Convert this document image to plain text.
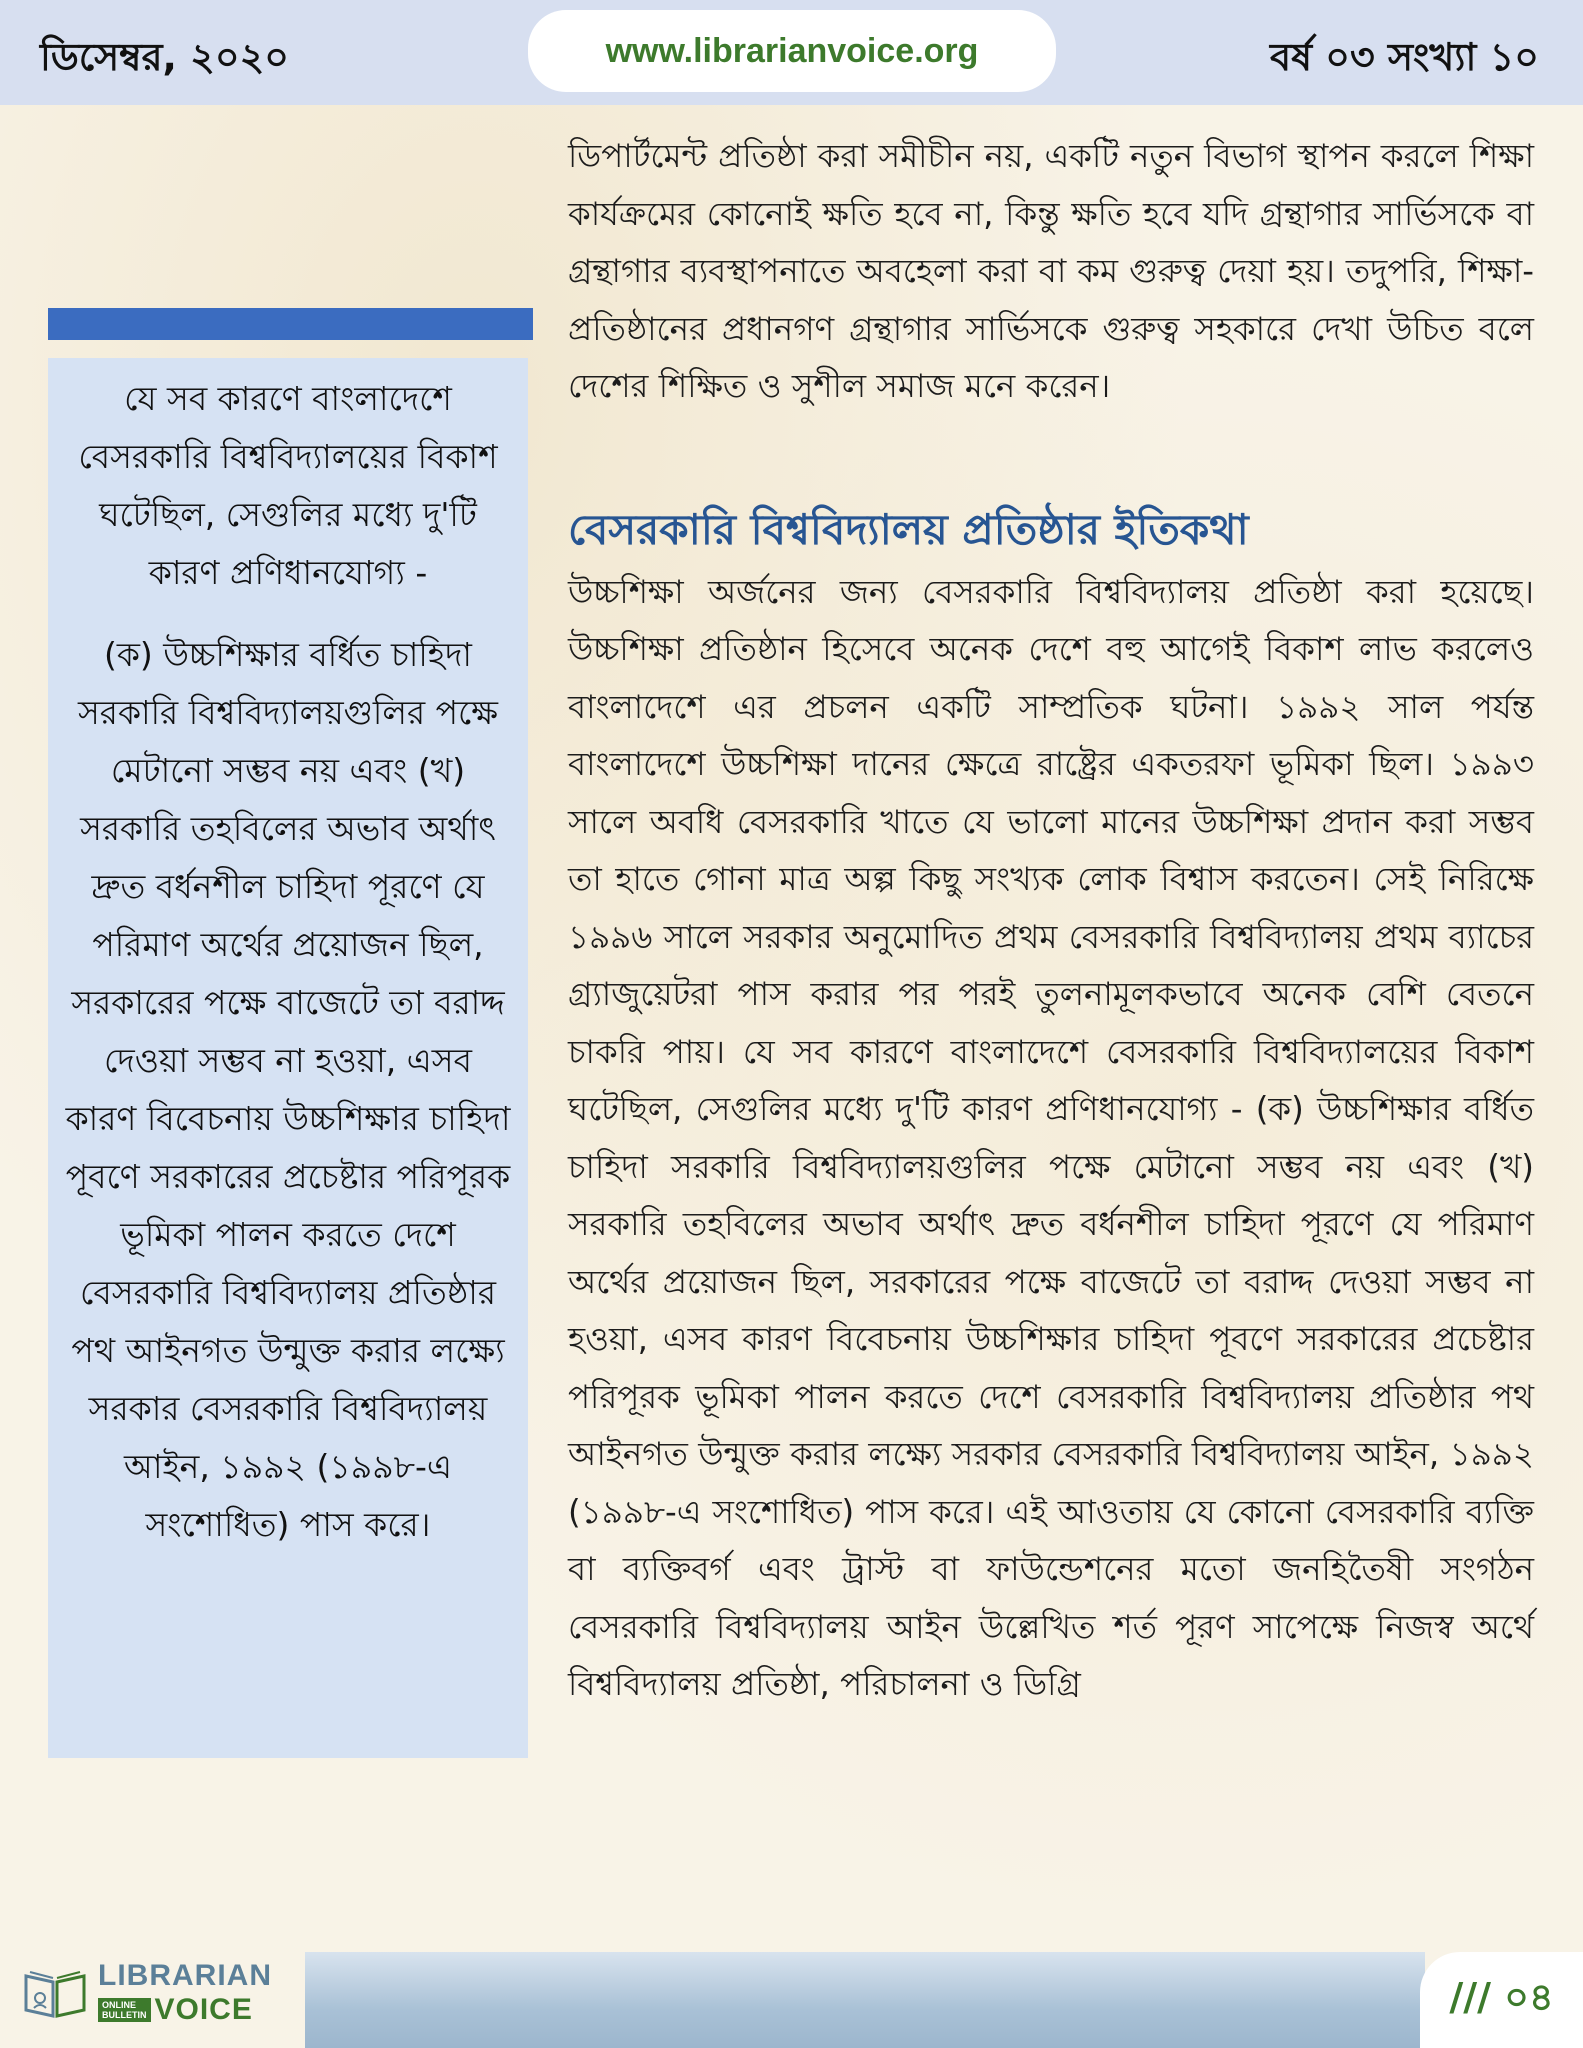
ডিসেম্বর, ২০২০	www.librarianvoice.org	বর্ষ ০৩ সংখ্যা ১০

যে সব কারণে বাংলাদেশে বেসরকারি বিশ্ববিদ্যালয়ের বিকাশ ঘটেছিল, সেগুলির মধ্যে দু'টি কারণ প্রণিধানযোগ্য -

(ক) উচ্চশিক্ষার বর্ধিত চাহিদা সরকারি বিশ্ববিদ্যালয়গুলির পক্ষে মেটানো সম্ভব নয় এবং (খ) সরকারি তহবিলের অভাব অর্থাৎ দ্রুত বর্ধনশীল চাহিদা পূরণে যে পরিমাণ অর্থের প্রয়োজন ছিল, সরকারের পক্ষে বাজেটে তা বরাদ্দ দেওয়া সম্ভব না হওয়া, এসব কারণ বিবেচনায় উচ্চশিক্ষার চাহিদা পূবণে সরকারের প্রচেষ্টার পরিপূরক ভূমিকা পালন করতে দেশে বেসরকারি বিশ্ববিদ্যালয় প্রতিষ্ঠার পথ আইনগত উন্মুক্ত করার লক্ষ্যে সরকার বেসরকারি বিশ্ববিদ্যালয় আইন, ১৯৯২ (১৯৯৮-এ সংশোধিত) পাস করে।

ডিপার্টমেন্ট প্রতিষ্ঠা করা সমীচীন নয়, একটি নতুন বিভাগ স্থাপন করলে শিক্ষা কার্যক্রমের কোনোই ক্ষতি হবে না, কিন্তু ক্ষতি হবে যদি গ্রন্থাগার সার্ভিসকে বা গ্রন্থাগার ব্যবস্থাপনাতে অবহেলা করা বা কম গুরুত্ব দেয়া হয়। তদুপরি, শিক্ষা-প্রতিষ্ঠানের প্রধানগণ গ্রন্থাগার সার্ভিসকে গুরুত্ব সহকারে দেখা উচিত বলে দেশের শিক্ষিত ও সুশীল সমাজ মনে করেন।

বেসরকারি বিশ্ববিদ্যালয় প্রতিষ্ঠার ইতিকথা

উচ্চশিক্ষা অর্জনের জন্য বেসরকারি বিশ্ববিদ্যালয় প্রতিষ্ঠা করা হয়েছে। উচ্চশিক্ষা প্রতিষ্ঠান হিসেবে অনেক দেশে বহু আগেই বিকাশ লাভ করলেও বাংলাদেশে এর প্রচলন একটি সাম্প্রতিক ঘটনা। ১৯৯২ সাল পর্যন্ত বাংলাদেশে উচ্চশিক্ষা দানের ক্ষেত্রে রাষ্ট্রের একতরফা ভূমিকা ছিল। ১৯৯৩ সালে অবধি বেসরকারি খাতে যে ভালো মানের উচ্চশিক্ষা প্রদান করা সম্ভব তা হাতে গোনা মাত্র অল্প কিছু সংখ্যক লোক বিশ্বাস করতেন। সেই নিরিক্ষে ১৯৯৬ সালে সরকার অনুমোদিত প্রথম বেসরকারি বিশ্ববিদ্যালয় প্রথম ব্যাচের গ্র্যাজুয়েটরা পাস করার পর পরই তুলনামূলকভাবে অনেক বেশি বেতনে চাকরি পায়। যে সব কারণে বাংলাদেশে বেসরকারি বিশ্ববিদ্যালয়ের বিকাশ ঘটেছিল, সেগুলির মধ্যে দু'টি কারণ প্রণিধানযোগ্য - (ক) উচ্চশিক্ষার বর্ধিত চাহিদা সরকারি বিশ্ববিদ্যালয়গুলির পক্ষে মেটানো সম্ভব নয় এবং (খ) সরকারি তহবিলের অভাব অর্থাৎ দ্রুত বর্ধনশীল চাহিদা পূরণে যে পরিমাণ অর্থের প্রয়োজন ছিল, সরকারের পক্ষে বাজেটে তা বরাদ্দ দেওয়া সম্ভব না হওয়া, এসব কারণ বিবেচনায় উচ্চশিক্ষার চাহিদা পূবণে সরকারের প্রচেষ্টার পরিপূরক ভূমিকা পালন করতে দেশে বেসরকারি বিশ্ববিদ্যালয় প্রতিষ্ঠার পথ আইনগত উন্মুক্ত করার লক্ষ্যে সরকার বেসরকারি বিশ্ববিদ্যালয় আইন, ১৯৯২ (১৯৯৮-এ সংশোধিত) পাস করে। এই আওতায় যে কোনো বেসরকারি ব্যক্তি বা ব্যক্তিবর্গ এবং ট্রাস্ট বা ফাউন্ডেশনের মতো জনহিতৈষী সংগঠন বেসরকারি বিশ্ববিদ্যালয় আইন উল্লেখিত শর্ত পূরণ সাপেক্ষে নিজস্ব অর্থে বিশ্ববিদ্যালয় প্রতিষ্ঠা, পরিচালনা ও ডিগ্রি

LIBRARIAN
ONLINE
BULLETIN VOICE	/// ০৪
